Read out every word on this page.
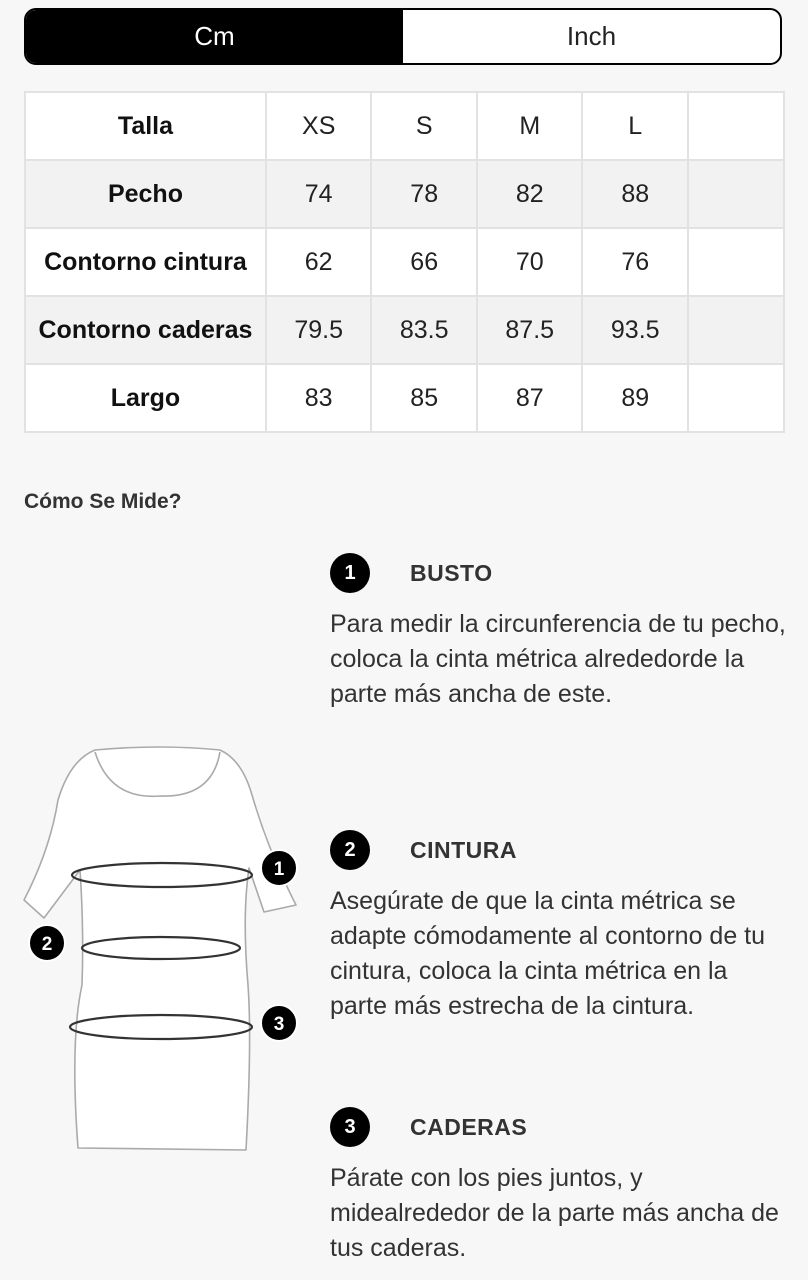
Cm	Inch
Talla	XS	S	M	L	
Pecho	74	78	82	88	
Contorno cintura	62	66	70	76	
Contorno caderas	79.5	83.5	87.5	93.5	
Largo	83	85	87	89	
Cómo Se Mide?
1
2
3
1	BUSTO
Para medir la circunferencia de tu pecho, coloca la cinta métrica alrededorde la parte más ancha de este.
2	CINTURA
Asegúrate de que la cinta métrica se adapte cómodamente al contorno de tu cintura, coloca la cinta métrica en la parte más estrecha de la cintura.
3	CADERAS
Párate con los pies juntos, y midealrededor de la parte más ancha de tus caderas.
